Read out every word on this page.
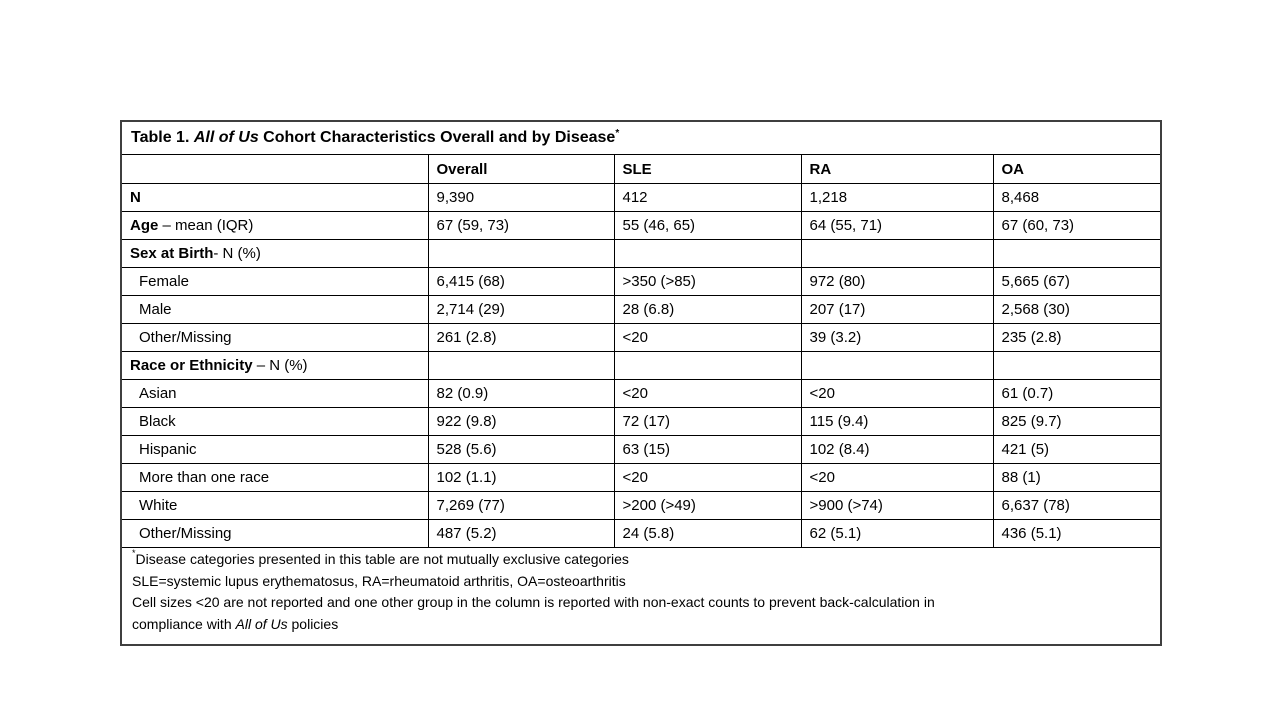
Table 1. All of Us Cohort Characteristics Overall and by Disease*
	Overall	SLE	RA	OA
N	9,390	412	1,218	8,468
Age – mean (IQR)	67 (59, 73)	55 (46, 65)	64 (55, 71)	67 (60, 73)
Sex at Birth- N (%)				
Female	6,415 (68)	>350 (>85)	972 (80)	5,665 (67)
Male	2,714 (29)	28 (6.8)	207 (17)	2,568 (30)
Other/Missing	261 (2.8)	<20	39 (3.2)	235 (2.8)
Race or Ethnicity – N (%)				
Asian	82 (0.9)	<20	<20	61 (0.7)
Black	922 (9.8)	72 (17)	115 (9.4)	825 (9.7)
Hispanic	528 (5.6)	63 (15)	102 (8.4)	421 (5)
More than one race	102 (1.1)	<20	<20	88 (1)
White	7,269 (77)	>200 (>49)	>900 (>74)	6,637 (78)
Other/Missing	487 (5.2)	24 (5.8)	62 (5.1)	436 (5.1)

*Disease categories presented in this table are not mutually exclusive categories
SLE=systemic lupus erythematosus, RA=rheumatoid arthritis, OA=osteoarthritis
Cell sizes <20 are not reported and one other group in the column is reported with non-exact counts to prevent back-calculation in
compliance with All of Us policies				
